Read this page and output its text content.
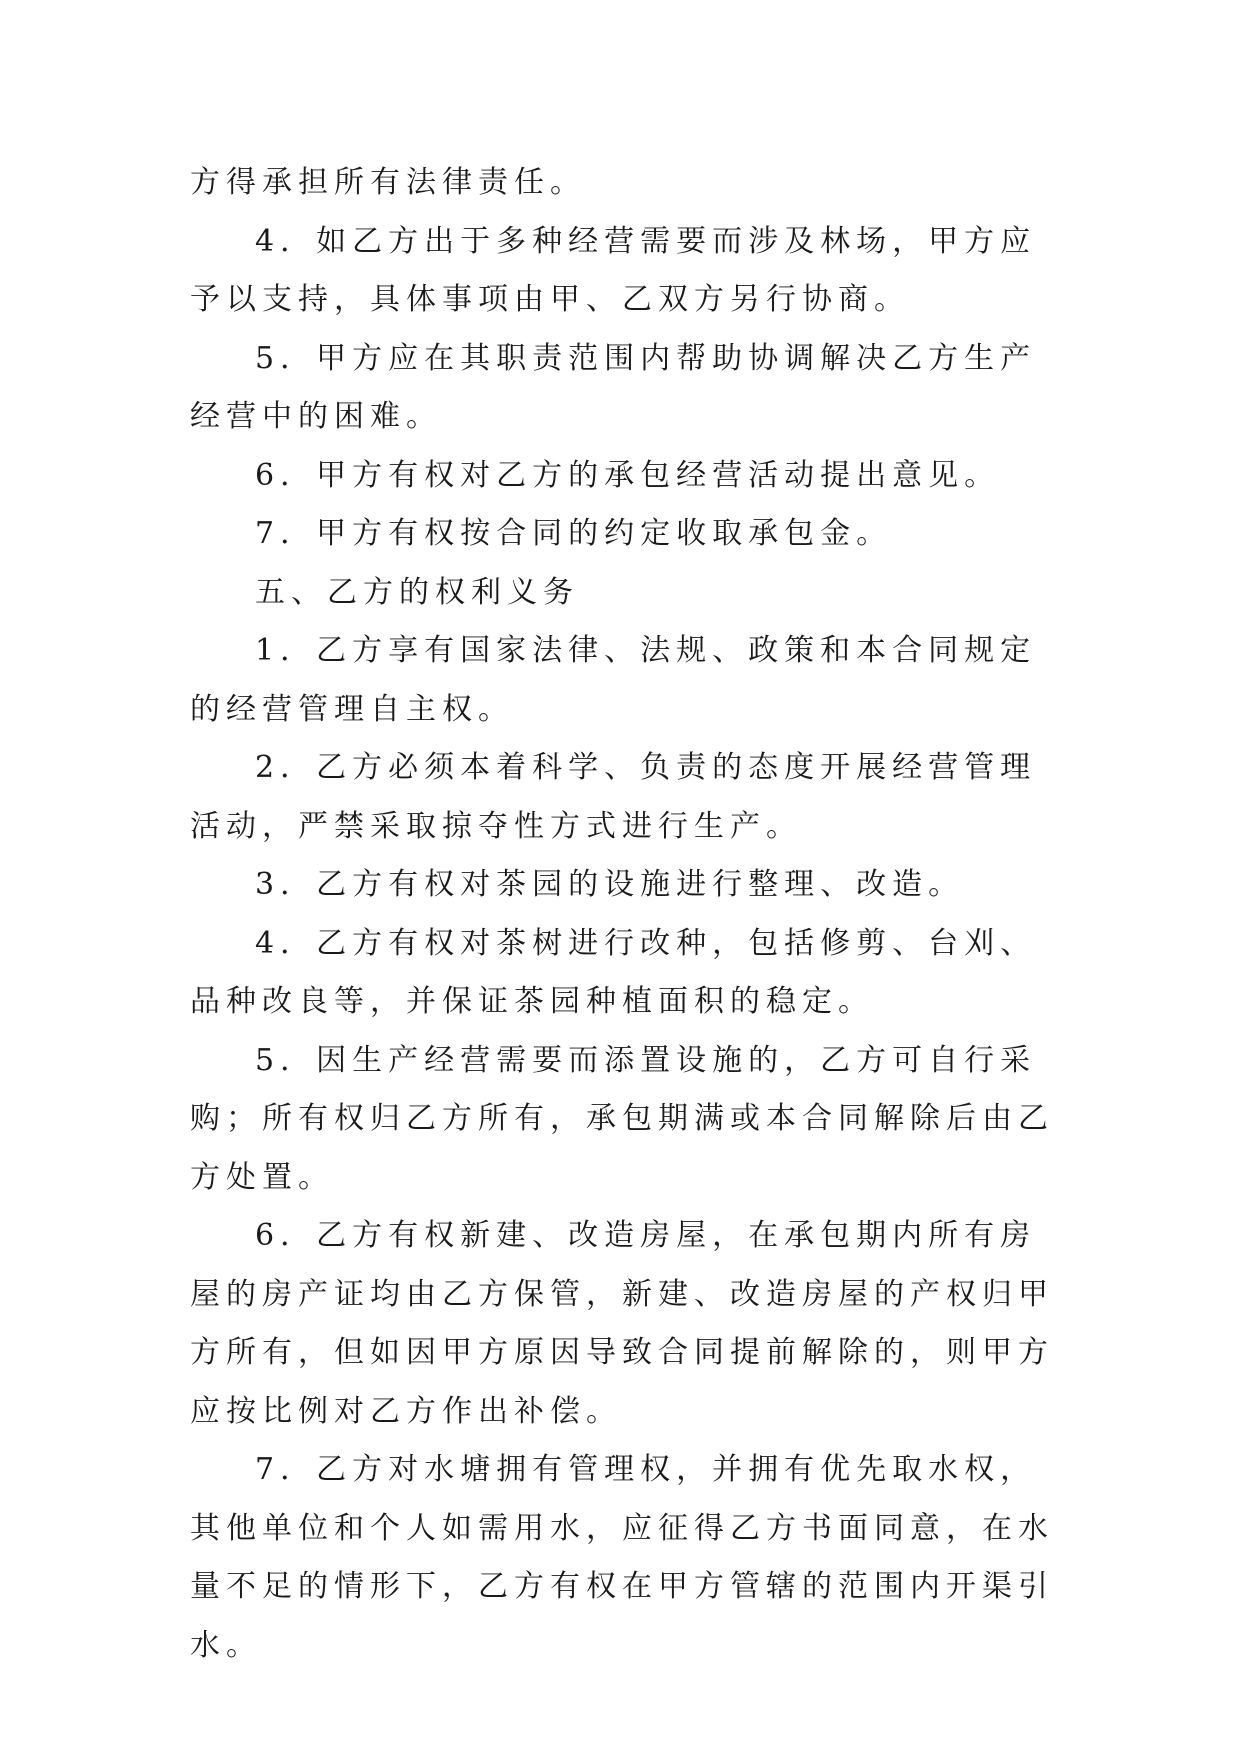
方得承担所有法律责任。

4．如乙方出于多种经营需要而涉及林场，甲方应予以支持，具体事项由甲、乙双方另行协商。

5．甲方应在其职责范围内帮助协调解决乙方生产经营中的困难。

6．甲方有权对乙方的承包经营活动提出意见。

7．甲方有权按合同的约定收取承包金。

五、乙方的权利义务

1．乙方享有国家法律、法规、政策和本合同规定的经营管理自主权。

2．乙方必须本着科学、负责的态度开展经营管理活动，严禁采取掠夺性方式进行生产。

3．乙方有权对茶园的设施进行整理、改造。

4．乙方有权对茶树进行改种，包括修剪、台刈、品种改良等，并保证茶园种植面积的稳定。

5．因生产经营需要而添置设施的，乙方可自行采购；所有权归乙方所有，承包期满或本合同解除后由乙方处置。

6．乙方有权新建、改造房屋，在承包期内所有房屋的房产证均由乙方保管，新建、改造房屋的产权归甲方所有，但如因甲方原因导致合同提前解除的，则甲方应按比例对乙方作出补偿。

7．乙方对水塘拥有管理权，并拥有优先取水权，其他单位和个人如需用水，应征得乙方书面同意，在水量不足的情形下，乙方有权在甲方管辖的范围内开渠引水。
